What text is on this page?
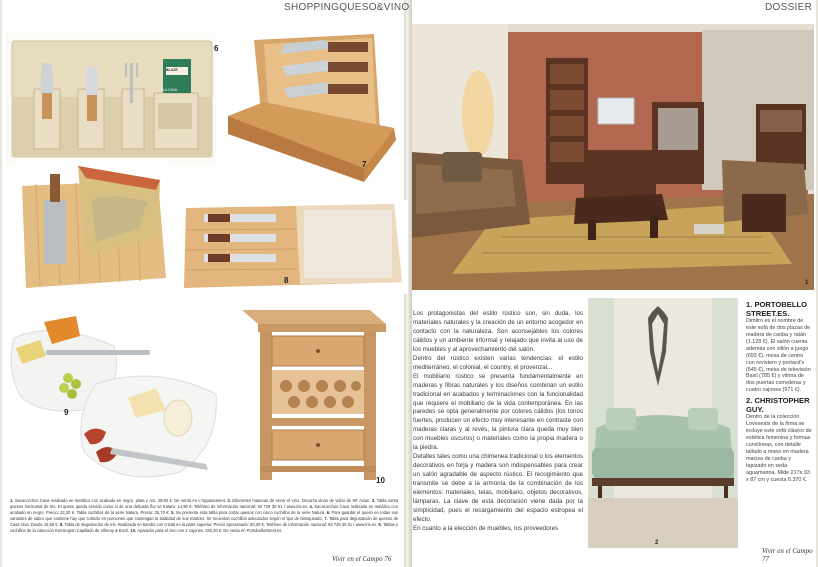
SHOPPINGQUESO&VINO	DOSSIER
6
BLAZE
LA CAVA
7
8
9
10
1. Sacacorchos Cava realizado en metálico con acabado en negro, plata y oro. 28,90 €. De venta en L'Appartement. 2. Diferentes maneras de servir el vino. Decanta vinos de vidrio de NF Asian. 3. Tabla sonta quesos horizontal de Iris. El queso queda servido como si de una delicada flor se tratara. 14,90 €. Teléfono de información nacional: 93 729 30 61 / www.iris.es. 4. Sacacorchos Cava realizado en metálico con acabado en negro. Precio: 22,20 €. Tabla cuchillos de la serie Natura. Precio: 25,70 €. 5. Se presenta esta tabla para cortar quesos con cinco cuchillos de la serie Natura. 6. Para guardar el queso en todas sus variantes de sabor que contiene hay que cortarlo en porciones que contengan la totalidad de sus matices. Se recientan cuchillos adecuados según el tipo de blanqueado. 7. Tabla para degustación de quesos de Casa Viva. Desde 15,50 €. 8. Tabla de degustación de Iris. Realizada en bambú con cristal en la parte superior. Precio aproximado: 50,30 €. Teléfono de información nacional: 93 729 30 61 / www.iris.es. 9. Tablas y cuchillos de la colección Kensington Capillado de Villeroy & Boch. 10. Aparador para el vino con 2 cajones. 332,30 €. De venta en PortobelloStreet.es
1

Los protagonistas del estilo rústico son, sin duda, los materiales naturales y la creación de un entorno acogedor en contacto con la naturaleza. Son aconsejables los colores cálidos y un ambiente informal y relajado que invita al uso de los muebles y al aprovechamiento del salón.

Dentro del rústico existen varias tendencias: el estilo mediterráneo, el colonial, el country, el provenzal...

El mobiliario rústico se presenta fundamentalmente en maderas y fibras naturales y los diseños combinan un estilo tradicional en acabados y terminaciones con la funcionalidad que requiere el mobiliario de la vida contemporánea. En las paredes se opta generalmente por colores cálidos (los tonos fuertes, producen un efecto muy interesante en contraste con maderas claras y al revés, la pintura clara queda muy bien con muebles oscuros) o materiales como la propia madera o la piedra.

Detalles tales como una chimenea tradicional o los elementos decorativos en forja y madera son indispensables para crear un salón agradable de aspecto rústico. El recogimiento que transmite se debe a la armonía de la combinación de los elementos: materiales, telas, mobiliario, objetos decorativos, lámparas. La clave de esta decoración viene dada por la simplicidad, pues el recargamiento del espacio estropea el efecto.

En cuanto a la elección de muebles, los proveedores

2
1. PORTOBELLO STREET.ES.
Dimitro es el nombre de este sofá de dos plazas de madera de caoba y ratán (1.128 €). El salón cuenta además con sillón a juego (693 €), mesa de centro con revistero y portacd's (545 €), mesa de televisión Baxil (785 €) y vitrina de dos puertas correderas y cuatro cajones (971 €).
2. CHRISTOPHER GUY.
Dentro de la colección Loveseats de la firma se incluye este sofá clásico de estética femenina y formas curvilíneas, con detalle tallado a mano en madera maciza de caoba y tapizado en seda aguamarina. Mide 217x 93 x 87 cm y cuesta 6.370 €.
Vivir en el Campo 76
Vivir en el Campo 77
